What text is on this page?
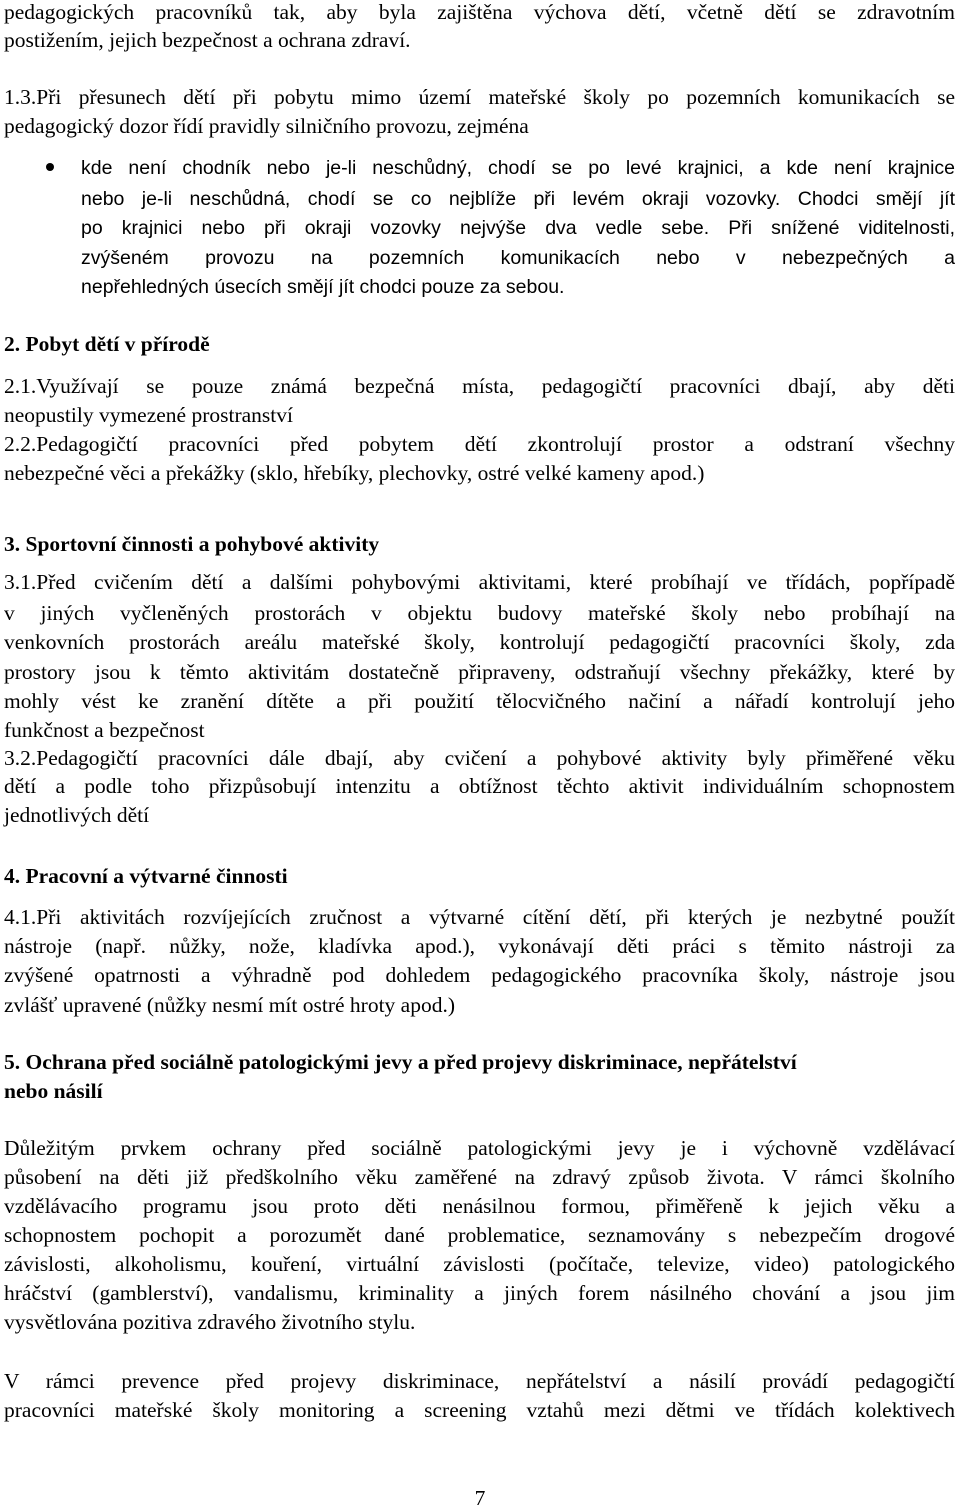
pedagogických pracovníků tak, aby byla zajištěna výchova dětí, včetně dětí se zdravotním
postižením, jejich bezpečnost a ochrana zdraví.
1.3.Při přesunech dětí při pobytu mimo území mateřské školy po pozemních komunikacích se
pedagogický dozor řídí pravidly silničního provozu, zejména
kde není chodník nebo je-li neschůdný, chodí se po levé krajnici, a kde není krajnice
nebo je-li neschůdná, chodí se co nejblíže při levém okraji vozovky. Chodci smějí jít
po krajnici nebo při okraji vozovky nejvýše dva vedle sebe. Při snížené viditelnosti,
zvýšeném provozu na pozemních komunikacích nebo v nebezpečných a
nepřehledných úsecích smějí jít chodci pouze za sebou.
2. Pobyt dětí v přírodě
2.1.Využívají se pouze známá bezpečná místa, pedagogičtí pracovníci dbají, aby děti
neopustily vymezené prostranství
2.2.Pedagogičtí pracovníci před pobytem dětí zkontrolují prostor a odstraní všechny
nebezpečné věci a překážky (sklo, hřebíky, plechovky, ostré velké kameny apod.)
3. Sportovní činnosti a pohybové aktivity
3.1.Před cvičením dětí a dalšími pohybovými aktivitami, které probíhají ve třídách, popřípadě
v jiných vyčleněných prostorách v objektu budovy mateřské školy nebo probíhají na
venkovních prostorách areálu mateřské školy, kontrolují pedagogičtí pracovníci školy, zda
prostory jsou k těmto aktivitám dostatečně připraveny, odstraňují všechny překážky, které by
mohly vést ke zranění dítěte a při použití tělocvičného načiní a nářadí kontrolují jeho
funkčnost a bezpečnost
3.2.Pedagogičtí pracovníci dále dbají, aby cvičení a pohybové aktivity byly přiměřené věku
dětí a podle toho přizpůsobují intenzitu a obtížnost těchto aktivit individuálním schopnostem
jednotlivých dětí
4. Pracovní a výtvarné činnosti
4.1.Při aktivitách rozvíjejících zručnost a výtvarné cítění dětí, při kterých je nezbytné použít
nástroje (např. nůžky, nože, kladívka apod.), vykonávají děti práci s těmito nástroji za
zvýšené opatrnosti a výhradně pod dohledem pedagogického pracovníka školy, nástroje jsou
zvlášť upravené (nůžky nesmí mít ostré hroty apod.)
5. Ochrana před sociálně patologickými jevy a před projevy diskriminace, nepřátelství
nebo násilí
Důležitým prvkem ochrany před sociálně patologickými jevy je i výchovně vzdělávací
působení na děti již předškolního věku zaměřené na zdravý způsob života. V rámci školního
vzdělávacího programu jsou proto děti nenásilnou formou, přiměřeně k jejich věku a
schopnostem pochopit a porozumět dané problematice, seznamovány s nebezpečím drogové
závislosti, alkoholismu, kouření, virtuální závislosti (počítače, televize, video) patologického
hráčství (gamblerství), vandalismu, kriminality a jiných forem násilného chování a jsou jim
vysvětlována pozitiva zdravého životního stylu.
V rámci prevence před projevy diskriminace, nepřátelství a násilí provádí pedagogičtí
pracovníci mateřské školy monitoring a screening vztahů mezi dětmi ve třídách kolektivech
7
